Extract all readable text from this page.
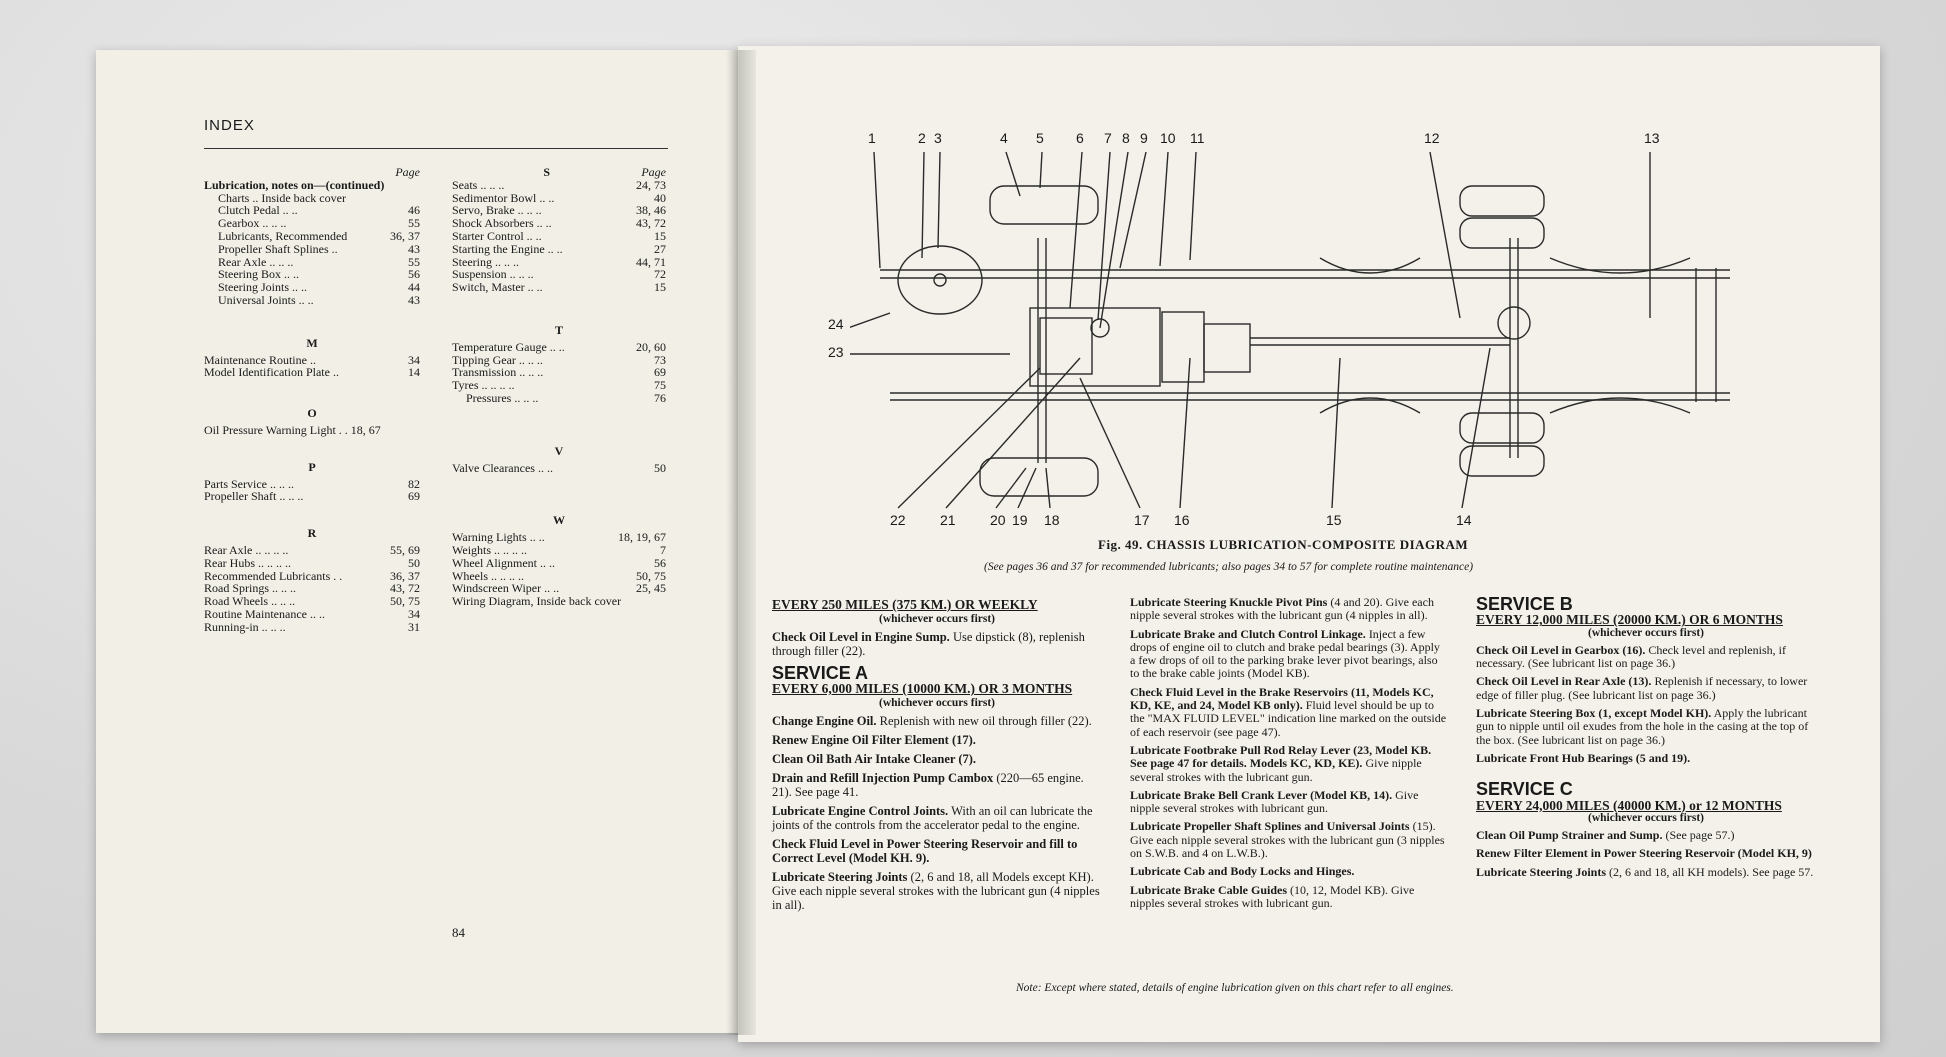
INDEX
Page
Lubrication, notes on—(continued)
Charts .. Inside back cover
Clutch Pedal .. ..	46
Gearbox .. .. ..	55
Lubricants, Recommended	36, 37
Propeller Shaft Splines ..	43
Rear Axle .. .. ..	55
Steering Box .. ..	56
Steering Joints .. ..	44
Universal Joints .. ..	43
M
Maintenance Routine ..	34
Model Identification Plate ..	14
O
Oil Pressure Warning Light . . 18, 67
P
Parts Service .. .. ..	82
Propeller Shaft .. .. ..	69
R
Rear Axle .. .. .. ..	55, 69
Rear Hubs .. .. .. ..	50
Recommended Lubricants . .	36, 37
Road Springs .. .. ..	43, 72
Road Wheels .. .. ..	50, 75
Routine Maintenance .. ..	34
Running-in .. .. ..	31
S	Page
Seats .. .. ..	24, 73
Sedimentor Bowl .. ..	40
Servo, Brake .. .. ..	38, 46
Shock Absorbers .. ..	43, 72
Starter Control .. ..	15
Starting the Engine .. ..	27
Steering .. .. ..	44, 71
Suspension .. .. ..	72
Switch, Master .. ..	15
T
Temperature Gauge .. ..	20, 60
Tipping Gear .. .. ..	73
Transmission .. .. ..	69
Tyres .. .. .. ..	75
Pressures .. .. ..	76
V
Valve Clearances .. ..	50
W
Warning Lights .. ..	18, 19, 67
Weights .. .. .. ..	7
Wheel Alignment .. ..	56
Wheels .. .. .. ..	50, 75
Windscreen Wiper .. ..	25, 45
Wiring Diagram, Inside back cover
84
1	2 3	4 5 6 7 8 9 10 11	12	13
24
23
22 21 20 19 18	17 16	15	14
Fig. 49. CHASSIS LUBRICATION-COMPOSITE DIAGRAM
(See pages 36 and 37 for recommended lubricants; also pages 34 to 57 for complete routine maintenance)
EVERY 250 MILES (375 KM.) OR WEEKLY
(whichever occurs first)

Check Oil Level in Engine Sump. Use dipstick (8), replenish through filler (22).

SERVICE A
EVERY 6,000 MILES (10000 KM.) OR 3 MONTHS
(whichever occurs first)

Change Engine Oil. Replenish with new oil through filler (22).

Renew Engine Oil Filter Element (17).

Clean Oil Bath Air Intake Cleaner (7).

Drain and Refill Injection Pump Cambox (220—65 engine. 21). See page 41.

Lubricate Engine Control Joints. With an oil can lubricate the joints of the controls from the accelerator pedal to the engine.

Check Fluid Level in Power Steering Reservoir and fill to Correct Level (Model KH. 9).

Lubricate Steering Joints (2, 6 and 18, all Models except KH). Give each nipple several strokes with the lubricant gun (4 nipples in all).

Lubricate Steering Knuckle Pivot Pins (4 and 20). Give each nipple several strokes with the lubricant gun (4 nipples in all).

Lubricate Brake and Clutch Control Linkage. Inject a few drops of engine oil to clutch and brake pedal bearings (3). Apply a few drops of oil to the parking brake lever pivot bearings, also to the brake cable joints (Model KB).

Check Fluid Level in the Brake Reservoirs (11, Models KC, KD, KE, and 24, Model KB only). Fluid level should be up to the "MAX FLUID LEVEL" indication line marked on the outside of each reservoir (see page 47).

Lubricate Footbrake Pull Rod Relay Lever (23, Model KB. See page 47 for details. Models KC, KD, KE). Give nipple several strokes with the lubricant gun.

Lubricate Brake Bell Crank Lever (Model KB, 14). Give nipple several strokes with lubricant gun.

Lubricate Propeller Shaft Splines and Universal Joints (15). Give each nipple several strokes with the lubricant gun (3 nipples on S.W.B. and 4 on L.W.B.).

Lubricate Cab and Body Locks and Hinges.

Lubricate Brake Cable Guides (10, 12, Model KB). Give nipples several strokes with lubricant gun.

SERVICE B
EVERY 12,000 MILES (20000 KM.) OR 6 MONTHS
(whichever occurs first)

Check Oil Level in Gearbox (16). Check level and replenish, if necessary. (See lubricant list on page 36.)

Check Oil Level in Rear Axle (13). Replenish if necessary, to lower edge of filler plug. (See lubricant list on page 36.)

Lubricate Steering Box (1, except Model KH). Apply the lubricant gun to nipple until oil exudes from the hole in the casing at the top of the box. (See lubricant list on page 36.)

Lubricate Front Hub Bearings (5 and 19).

SERVICE C
EVERY 24,000 MILES (40000 KM.) or 12 MONTHS
(whichever occurs first)

Clean Oil Pump Strainer and Sump. (See page 57.)

Renew Filter Element in Power Steering Reservoir (Model KH, 9)

Lubricate Steering Joints (2, 6 and 18, all KH models). See page 57.

Note: Except where stated, details of engine lubrication given on this chart refer to all engines.
